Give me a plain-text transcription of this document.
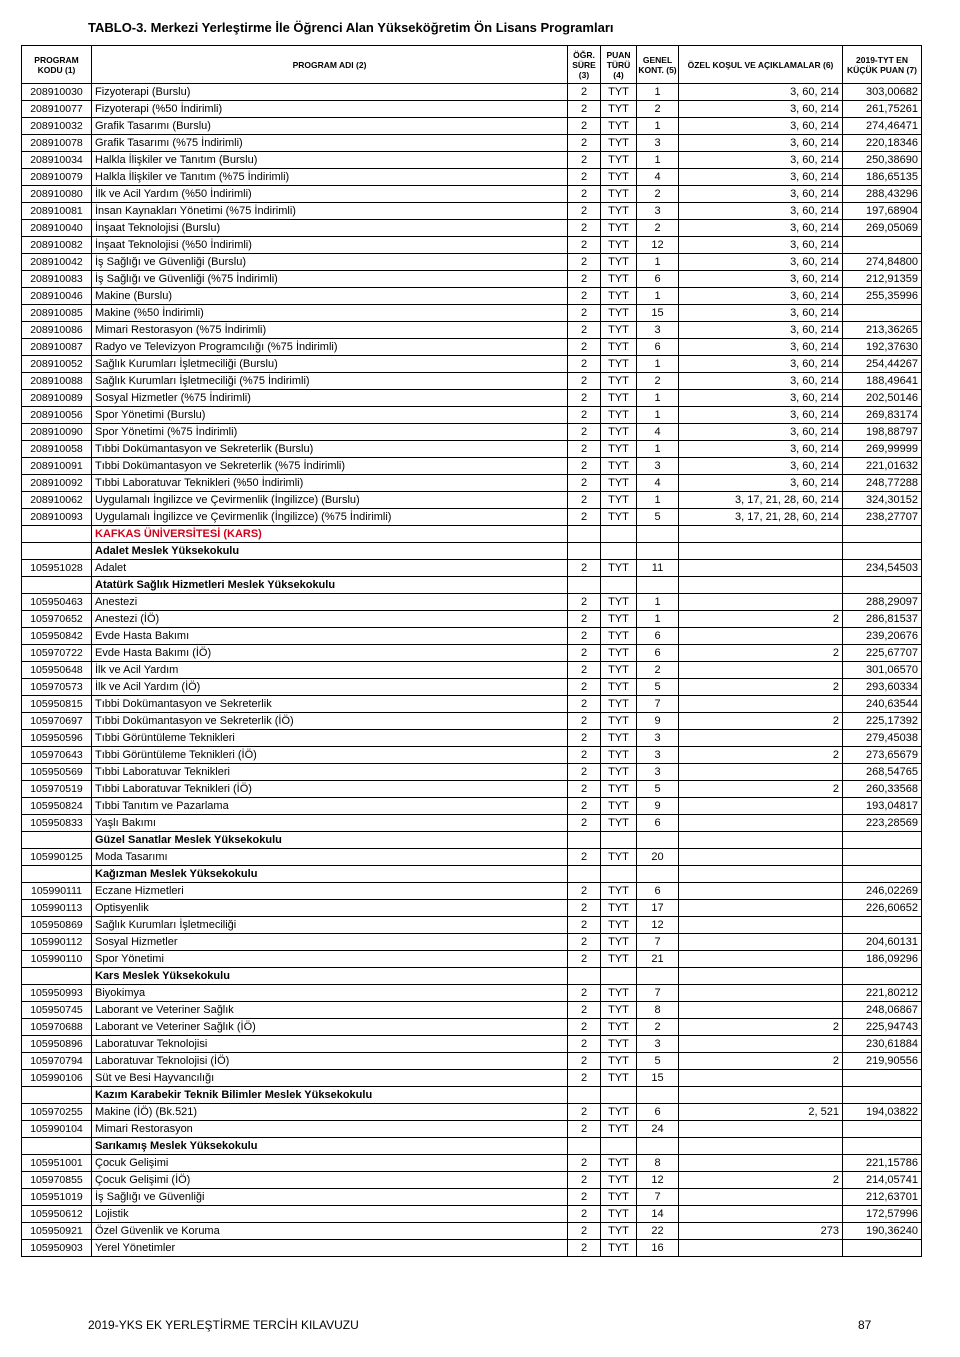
TABLO-3. Merkezi Yerleştirme İle Öğrenci Alan Yükseköğretim Ön Lisans Programları
PROGRAM KODU (1)	PROGRAM ADI (2)	ÖĞR. SÜRE (3)	PUAN TÜRÜ (4)	GENEL KONT. (5)	ÖZEL KOŞUL VE AÇIKLAMALAR (6)	2019-TYT EN KÜÇÜK PUAN (7)
208910030	Fizyoterapi (Burslu)	2	TYT	1	3, 60, 214	303,00682
208910077	Fizyoterapi (%50 İndirimli)	2	TYT	2	3, 60, 214	261,75261
208910032	Grafik Tasarımı (Burslu)	2	TYT	1	3, 60, 214	274,46471
208910078	Grafik Tasarımı (%75 İndirimli)	2	TYT	3	3, 60, 214	220,18346
208910034	Halkla İlişkiler ve Tanıtım (Burslu)	2	TYT	1	3, 60, 214	250,38690
208910079	Halkla İlişkiler ve Tanıtım (%75 İndirimli)	2	TYT	4	3, 60, 214	186,65135
208910080	İlk ve Acil Yardım (%50 İndirimli)	2	TYT	2	3, 60, 214	288,43296
208910081	İnsan Kaynakları Yönetimi (%75 İndirimli)	2	TYT	3	3, 60, 214	197,68904
208910040	İnşaat Teknolojisi (Burslu)	2	TYT	2	3, 60, 214	269,05069
208910082	İnşaat Teknolojisi (%50 İndirimli)	2	TYT	12	3, 60, 214	
208910042	İş Sağlığı ve Güvenliği (Burslu)	2	TYT	1	3, 60, 214	274,84800
208910083	İş Sağlığı ve Güvenliği (%75 İndirimli)	2	TYT	6	3, 60, 214	212,91359
208910046	Makine (Burslu)	2	TYT	1	3, 60, 214	255,35996
208910085	Makine (%50 İndirimli)	2	TYT	15	3, 60, 214	
208910086	Mimari Restorasyon (%75 İndirimli)	2	TYT	3	3, 60, 214	213,36265
208910087	Radyo ve Televizyon Programcılığı (%75 İndirimli)	2	TYT	6	3, 60, 214	192,37630
208910052	Sağlık Kurumları İşletmeciliği (Burslu)	2	TYT	1	3, 60, 214	254,44267
208910088	Sağlık Kurumları İşletmeciliği (%75 İndirimli)	2	TYT	2	3, 60, 214	188,49641
208910089	Sosyal Hizmetler (%75 İndirimli)	2	TYT	1	3, 60, 214	202,50146
208910056	Spor Yönetimi (Burslu)	2	TYT	1	3, 60, 214	269,83174
208910090	Spor Yönetimi (%75 İndirimli)	2	TYT	4	3, 60, 214	198,88797
208910058	Tıbbi Dokümantasyon ve Sekreterlik (Burslu)	2	TYT	1	3, 60, 214	269,99999
208910091	Tıbbi Dokümantasyon ve Sekreterlik (%75 İndirimli)	2	TYT	3	3, 60, 214	221,01632
208910092	Tıbbi Laboratuvar Teknikleri (%50 İndirimli)	2	TYT	4	3, 60, 214	248,77288
208910062	Uygulamalı İngilizce ve Çevirmenlik (İngilizce) (Burslu)	2	TYT	1	3, 17, 21, 28, 60, 214	324,30152
208910093	Uygulamalı İngilizce ve Çevirmenlik (İngilizce) (%75 İndirimli)	2	TYT	5	3, 17, 21, 28, 60, 214	238,27707
	KAFKAS ÜNİVERSİTESİ (KARS)					
	Adalet Meslek Yüksekokulu					
105951028	Adalet	2	TYT	11		234,54503
	Atatürk Sağlık Hizmetleri Meslek Yüksekokulu					
105950463	Anestezi	2	TYT	1		288,29097
105970652	Anestezi (İÖ)	2	TYT	1	2	286,81537
105950842	Evde Hasta Bakımı	2	TYT	6		239,20676
105970722	Evde Hasta Bakımı (İÖ)	2	TYT	6	2	225,67707
105950648	İlk ve Acil Yardım	2	TYT	2		301,06570
105970573	İlk ve Acil Yardım (İÖ)	2	TYT	5	2	293,60334
105950815	Tıbbi Dokümantasyon ve Sekreterlik	2	TYT	7		240,63544
105970697	Tıbbi Dokümantasyon ve Sekreterlik (İÖ)	2	TYT	9	2	225,17392
105950596	Tıbbi Görüntüleme Teknikleri	2	TYT	3		279,45038
105970643	Tıbbi Görüntüleme Teknikleri (İÖ)	2	TYT	3	2	273,65679
105950569	Tıbbi Laboratuvar Teknikleri	2	TYT	3		268,54765
105970519	Tıbbi Laboratuvar Teknikleri (İÖ)	2	TYT	5	2	260,33568
105950824	Tıbbi Tanıtım ve Pazarlama	2	TYT	9		193,04817
105950833	Yaşlı Bakımı	2	TYT	6		223,28569
	Güzel Sanatlar Meslek Yüksekokulu					
105990125	Moda Tasarımı	2	TYT	20		
	Kağızman Meslek Yüksekokulu					
105990111	Eczane Hizmetleri	2	TYT	6		246,02269
105990113	Optisyenlik	2	TYT	17		226,60652
105950869	Sağlık Kurumları İşletmeciliği	2	TYT	12		
105990112	Sosyal Hizmetler	2	TYT	7		204,60131
105990110	Spor Yönetimi	2	TYT	21		186,09296
	Kars Meslek Yüksekokulu					
105950993	Biyokimya	2	TYT	7		221,80212
105950745	Laborant ve Veteriner Sağlık	2	TYT	8		248,06867
105970688	Laborant ve Veteriner Sağlık (İÖ)	2	TYT	2	2	225,94743
105950896	Laboratuvar Teknolojisi	2	TYT	3		230,61884
105970794	Laboratuvar Teknolojisi (İÖ)	2	TYT	5	2	219,90556
105990106	Süt ve Besi Hayvancılığı	2	TYT	15		
	Kazım Karabekir Teknik Bilimler Meslek Yüksekokulu					
105970255	Makine (İÖ) (Bk.521)	2	TYT	6	2, 521	194,03822
105990104	Mimari Restorasyon	2	TYT	24		
	Sarıkamış Meslek Yüksekokulu					
105951001	Çocuk Gelişimi	2	TYT	8		221,15786
105970855	Çocuk Gelişimi (İÖ)	2	TYT	12	2	214,05741
105951019	İş Sağlığı ve Güvenliği	2	TYT	7		212,63701
105950612	Lojistik	2	TYT	14		172,57996
105950921	Özel Güvenlik ve Koruma	2	TYT	22	273	190,36240
105950903	Yerel Yönetimler	2	TYT	16		
2019-YKS EK YERLEŞTİRME TERCİH KILAVUZU	87
